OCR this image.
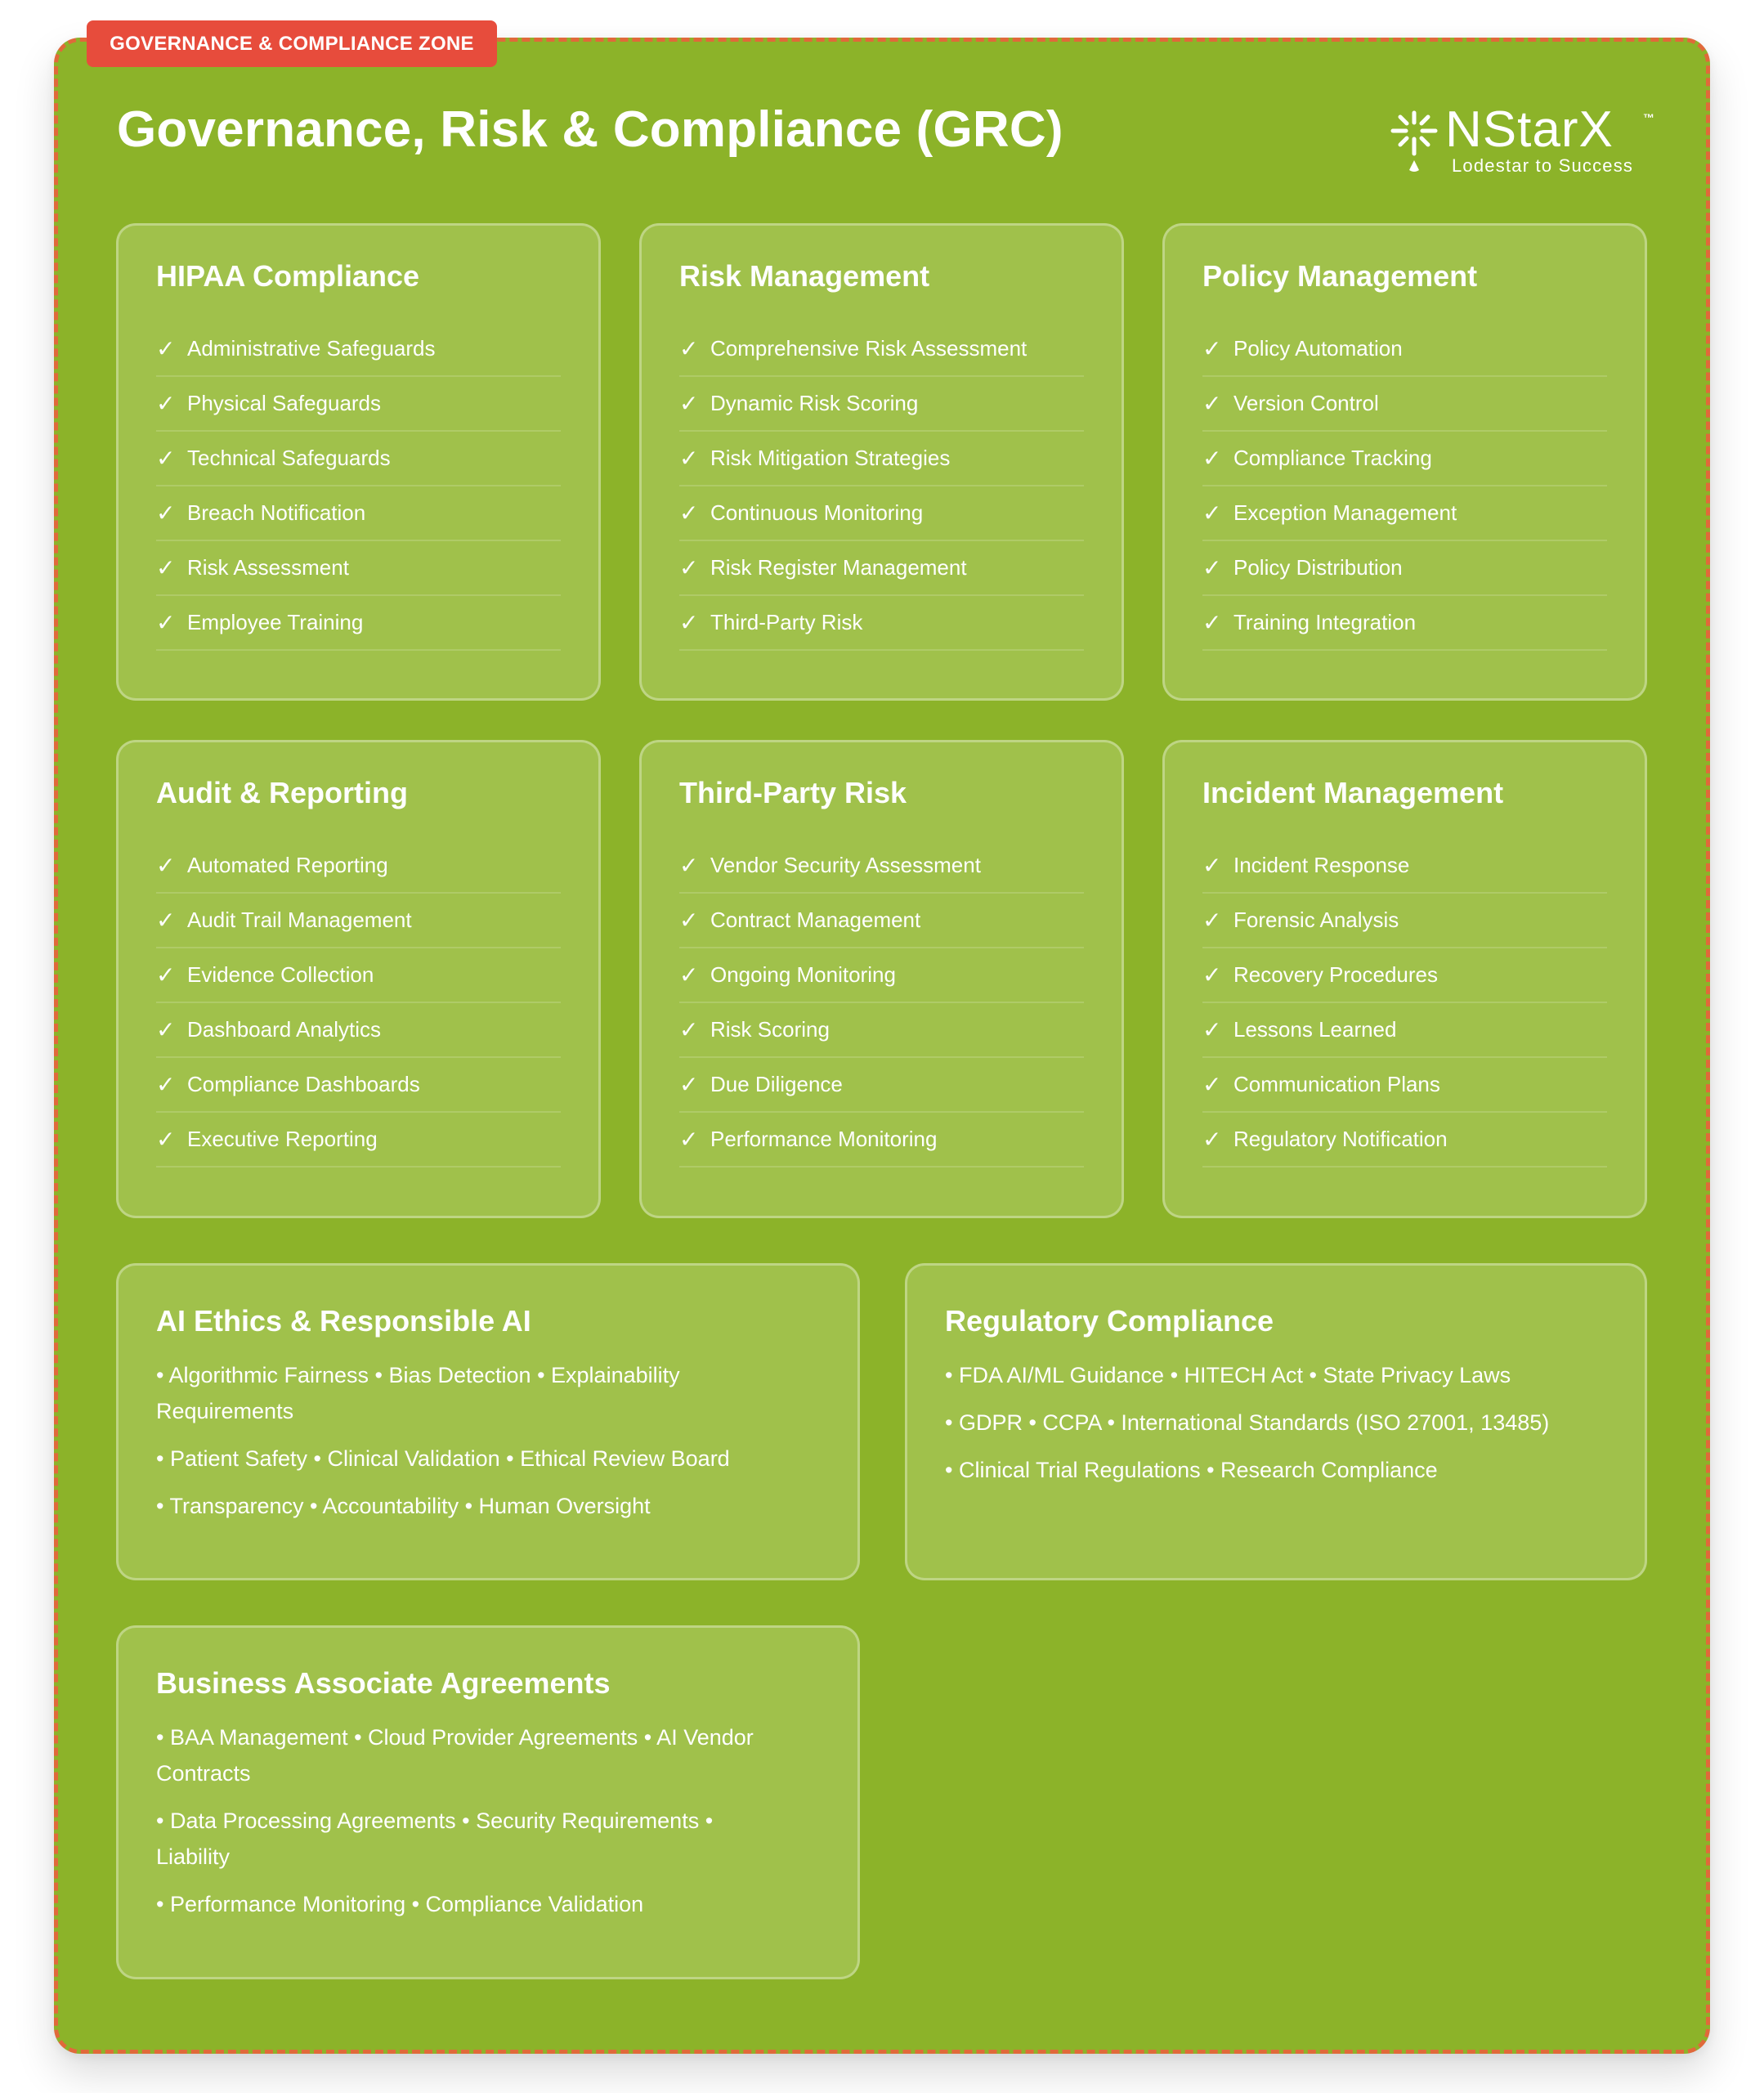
GOVERNANCE & COMPLIANCE ZONE
Governance, Risk & Compliance (GRC)	NStarX	™
Lodestar to Success
HIPAA Compliance
✓ Administrative Safeguards
✓ Physical Safeguards
✓ Technical Safeguards
✓ Breach Notification
✓ Risk Assessment
✓ Employee Training
Risk Management
✓ Comprehensive Risk Assessment
✓ Dynamic Risk Scoring
✓ Risk Mitigation Strategies
✓ Continuous Monitoring
✓ Risk Register Management
✓ Third-Party Risk
Policy Management
✓ Policy Automation
✓ Version Control
✓ Compliance Tracking
✓ Exception Management
✓ Policy Distribution
✓ Training Integration
Audit & Reporting
✓ Automated Reporting
✓ Audit Trail Management
✓ Evidence Collection
✓ Dashboard Analytics
✓ Compliance Dashboards
✓ Executive Reporting
Third-Party Risk
✓ Vendor Security Assessment
✓ Contract Management
✓ Ongoing Monitoring
✓ Risk Scoring
✓ Due Diligence
✓ Performance Monitoring
Incident Management
✓ Incident Response
✓ Forensic Analysis
✓ Recovery Procedures
✓ Lessons Learned
✓ Communication Plans
✓ Regulatory Notification
AI Ethics & Responsible AI

• Algorithmic Fairness • Bias Detection • Explainability Requirements

• Patient Safety • Clinical Validation • Ethical Review Board

• Transparency • Accountability • Human Oversight

Regulatory Compliance

• FDA AI/ML Guidance • HITECH Act • State Privacy Laws

• GDPR • CCPA • International Standards (ISO 27001, 13485)

• Clinical Trial Regulations • Research Compliance

Business Associate Agreements

• BAA Management • Cloud Provider Agreements • AI Vendor Contracts

• Data Processing Agreements • Security Requirements • Liability

• Performance Monitoring • Compliance Validation
